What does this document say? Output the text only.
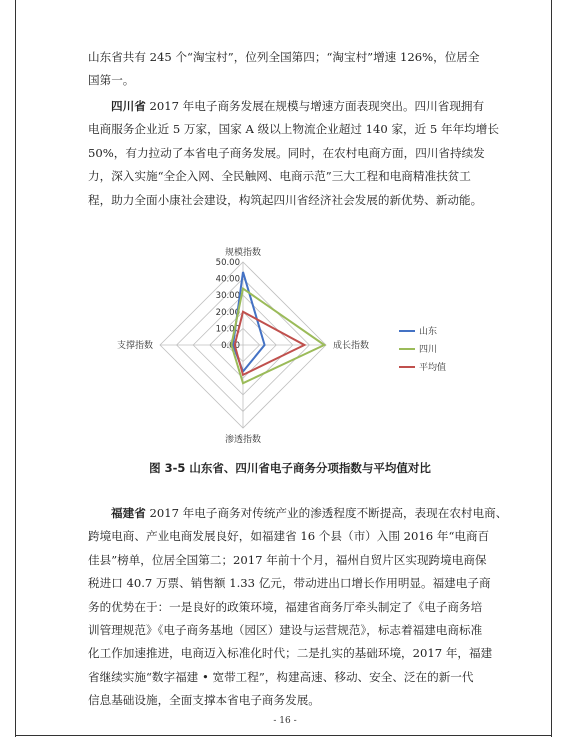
山东省共有 245 个“淘宝村”，位列全国第四；“淘宝村”增速 126%，位居全
国第一。
四川省 2017 年电子商务发展在规模与增速方面表现突出。四川省现拥有
电商服务企业近 5 万家，国家 A 级以上物流企业超过 140 家，近 5 年年均增长
50%，有力拉动了本省电子商务发展。同时，在农村电商方面，四川省持续发
力，深入实施“全企入网、全民触网、电商示范”三大工程和电商精准扶贫工
程，助力全面小康社会建设，构筑起四川省经济社会发展的新优势、新动能。
0.00
10.00
20.00
30.00
40.00
50.00
规模指数
成长指数
渗透指数
支撑指数
山东
四川
平均值
图 3-5 山东省、四川省电子商务分项指数与平均值对比
福建省 2017 年电子商务对传统产业的渗透程度不断提高，表现在农村电商、
跨境电商、产业电商发展良好，如福建省 16 个县（市）入围 2016 年“电商百
佳县”榜单，位居全国第二；2017 年前十个月，福州自贸片区实现跨境电商保
税进口 40.7 万票、销售额 1.33 亿元，带动进出口增长作用明显。福建电子商
务的优势在于：一是良好的政策环境，福建省商务厅牵头制定了《电子商务培
训管理规范》《电子商务基地（园区）建设与运营规范》，标志着福建电商标准
化工作加速推进，电商迈入标准化时代；二是扎实的基础环境，2017 年，福建
省继续实施“数字福建 • 宽带工程”，构建高速、移动、安全、泛在的新一代
信息基础设施，全面支撑本省电子商务发展。
- 16 -
